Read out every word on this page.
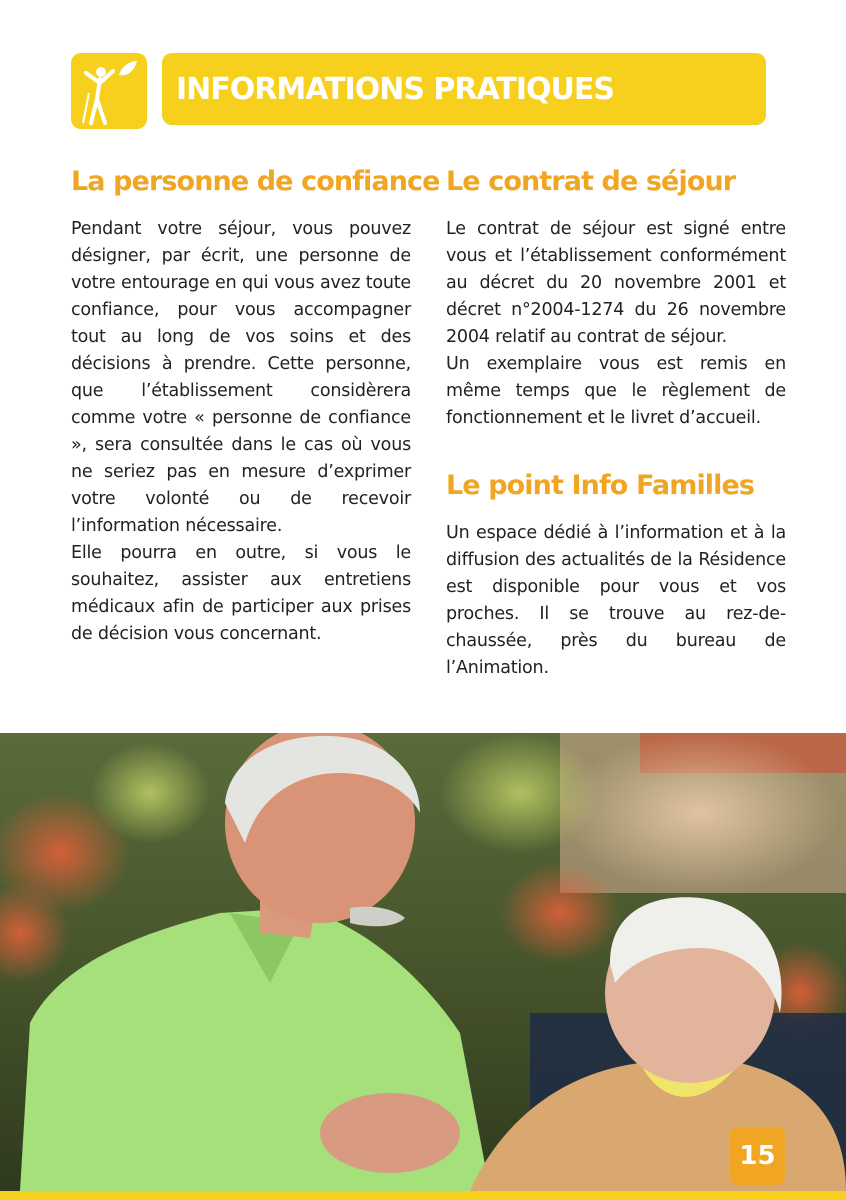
INFORMATIONS PRATIQUES
La personne de confiance

Pendant votre séjour, vous pouvez désigner, par écrit, une personne de votre entourage en qui vous avez toute confiance, pour vous accompagner tout au long de vos soins et des décisions à prendre. Cette personne, que l’établissement considèrera comme votre « personne de confiance », sera consultée dans le cas où vous ne seriez pas en mesure d’exprimer votre volonté ou de recevoir l’information nécessaire.

Elle pourra en outre, si vous le souhaitez, assister aux entretiens médicaux afin de participer aux prises de décision vous concernant.

Le contrat de séjour

Le contrat de séjour est signé entre vous et l’établissement conformément au décret du 20 novembre 2001 et décret n°2004-1274 du 26 novembre 2004 relatif au contrat de séjour.

Un exemplaire vous est remis en même temps que le règlement de fonctionnement et le livret d’accueil.

Le point Info Familles

Un espace dédié à l’information et à la diffusion des actualités de la Résidence est disponible pour vous et vos proches. Il se trouve au rez-de-chaussée, près du bureau de l’Animation.

15
